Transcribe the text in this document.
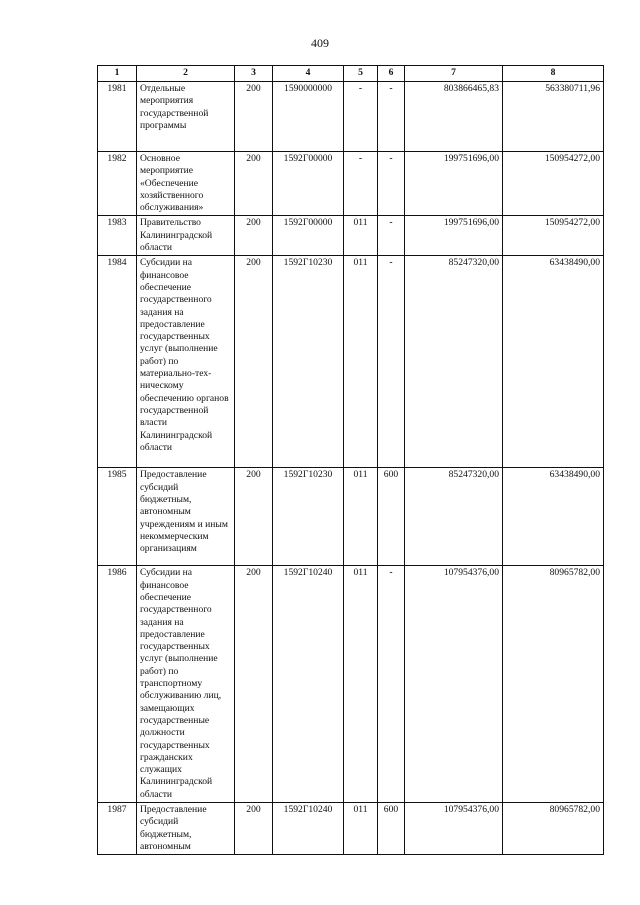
409
1	2	3	4	5	6	7	8
1981	Отдельные мероприятия государственной программы	200	1590000000	-	-	803866465,83	563380711,96
1982	Основное мероприятие «Обеспечение хозяйственного обслуживания»	200	1592Г00000	-	-	199751696,00	150954272,00
1983	Правительство Калининградской области	200	1592Г00000	011	-	199751696,00	150954272,00
1984	Субсидии на финансовое обеспечение государственного задания на предоставление государственных услуг (выполнение работ) по материально-тех- ническому обеспечению органов государственной власти Калининградской области	200	1592Г10230	011	-	85247320,00	63438490,00
1985	Предоставление субсидий бюджетным, автономным учреждениям и иным некоммерческим организациям	200	1592Г10230	011	600	85247320,00	63438490,00
1986	Субсидии на финансовое обеспечение государственного задания на предоставление государственных услуг (выполнение работ) по транспортному обслуживанию лиц, замещающих государственные должности государственных гражданских служащих Калининградской области	200	1592Г10240	011	-	107954376,00	80965782,00
1987	Предоставление субсидий бюджетным, автономным	200	1592Г10240	011	600	107954376,00	80965782,00
